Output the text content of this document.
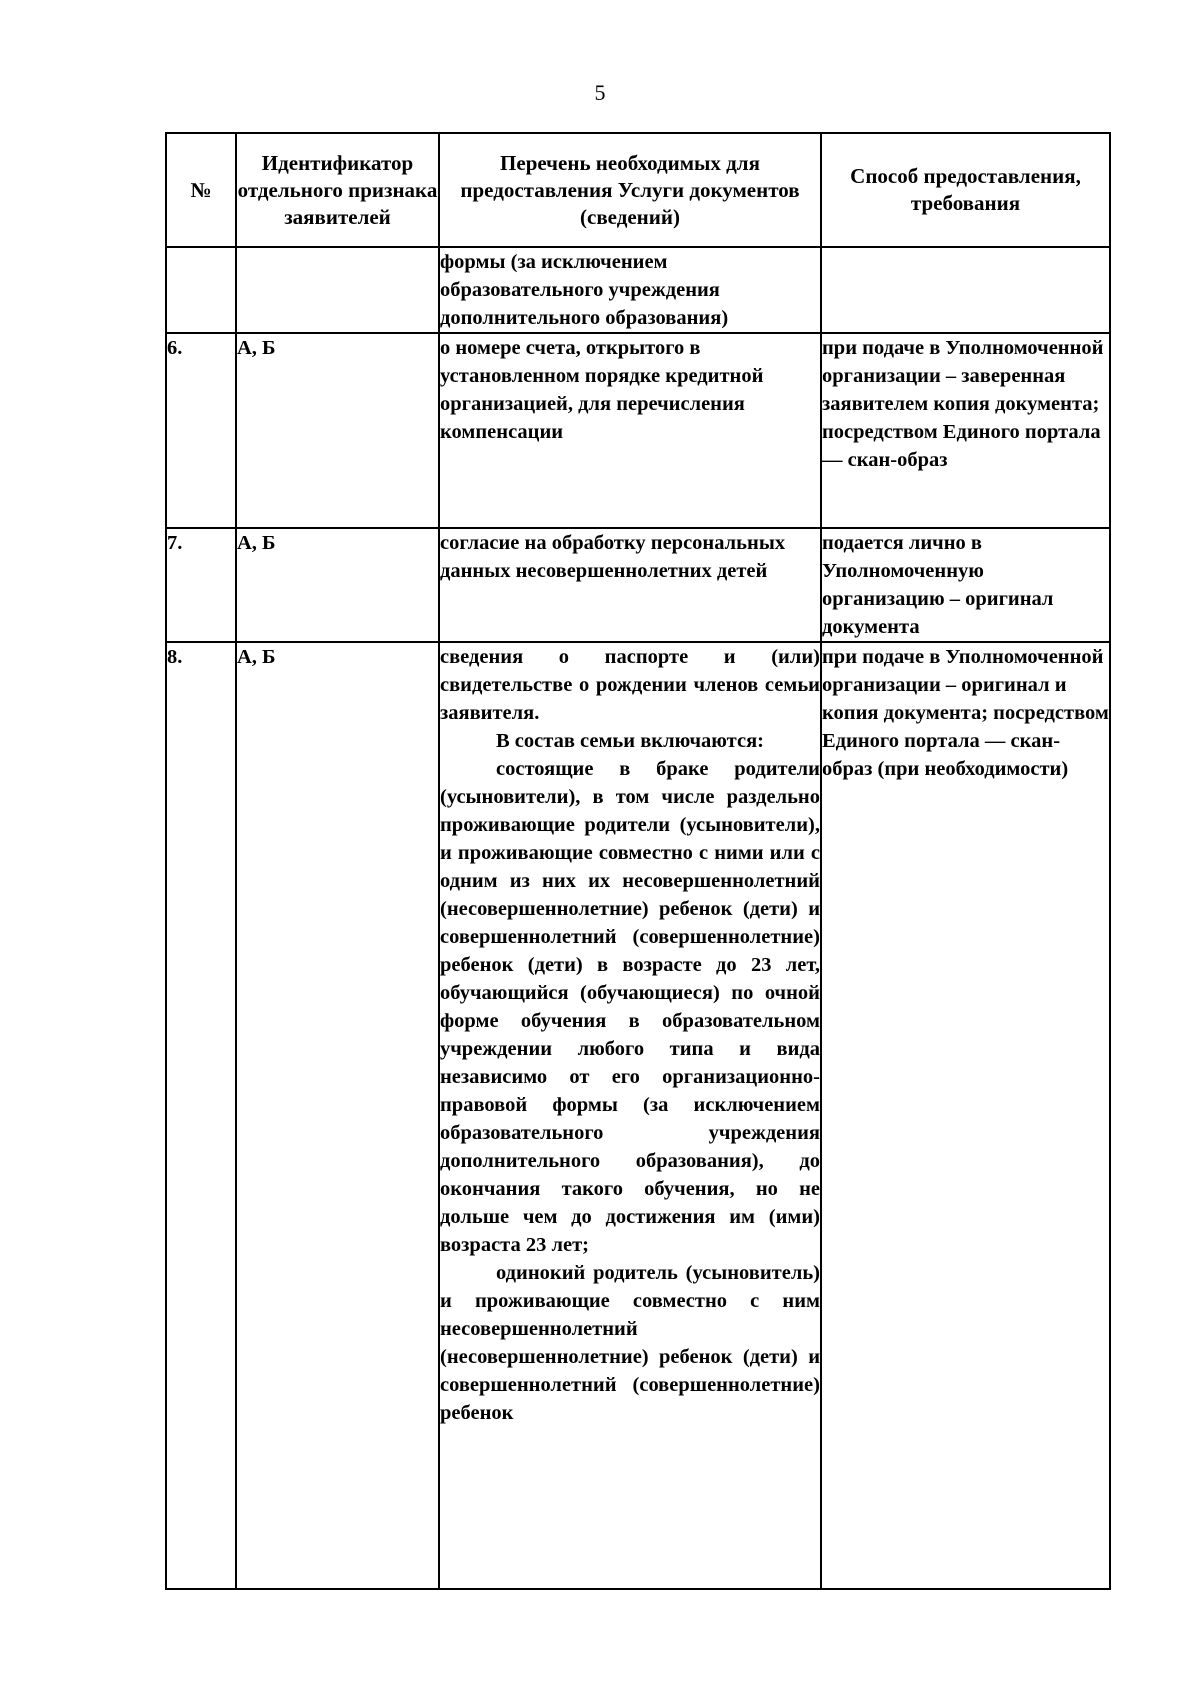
5
№	Идентификатор отдельного признака заявителей	Перечень необходимых для предоставления Услуги документов (сведений)	Способ предоставления, требования
		формы (за исключением образовательного учреждения дополнительного образования)	
6.	А, Б	о номере счета, открытого в установленном порядке кредитной организацией, для перечисления компенсации	при подаче в Уполномоченной организации – заверенная заявителем копия документа; посредством Единого портала — скан-образ
7.	А, Б	согласие на обработку персональных данных несовершеннолетних детей	подается лично в Уполномоченную организацию – оригинал документа
8.	А, Б	сведения о паспорте и (или) свидетельстве о рождении членов семьи заявителя.

В состав семьи включаются:

состоящие в браке родители (усыновители), в том числе раздельно проживающие родители (усыновители), и проживающие совместно с ними или с одним из них их несовершеннолетний (несовершеннолетние) ребенок (дети) и совершеннолетний (совершеннолетние) ребенок (дети) в возрасте до 23 лет, обучающийся (обучающиеся) по очной форме обучения в образовательном учреждении любого типа и вида независимо от его организационно-правовой формы (за исключением образовательного учреждения дополнительного образования), до окончания такого обучения, но не дольше чем до достижения им (ими) возраста 23 лет;

одинокий родитель (усыновитель) и проживающие совместно с ним несовершеннолетний (несовершеннолетние) ребенок (дети) и совершеннолетний (совершеннолетние) ребенок	при подаче в Уполномоченной организации – оригинал и копия документа; посредством Единого портала — скан-образ (при необходимости)
